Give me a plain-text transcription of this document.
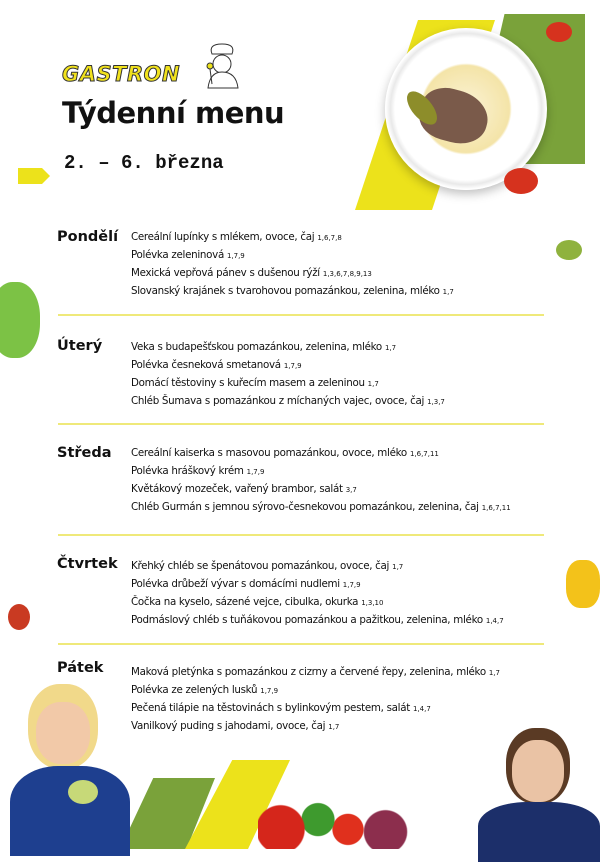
GASTRON
Týdenní menu
2. – 6. března
Pondělí Cereální lupínky s mlékem, ovoce, čaj 1,6,7,8
Polévka zeleninová 1,7,9
Mexická vepřová pánev s dušenou rýží 1,3,6,7,8,9,13
Slovanský krajánek s tvarohovou pomazánkou, zelenina, mléko 1,7
Úterý	Veka s budapešťskou pomazánkou, zelenina, mléko 1,7
Polévka česneková smetanová 1,7,9
Domácí těstoviny s kuřecím masem a zeleninou 1,7
Chléb Šumava s pomazánkou z míchaných vajec, ovoce, čaj 1,3,7
Středa Cereální kaiserka s masovou pomazánkou, ovoce, mléko 1,6,7,11
Polévka hráškový krém 1,7,9
Květákový mozeček, vařený brambor, salát 3,7
Chléb Gurmán s jemnou sýrovo-česnekovou pomazánkou, zelenina, čaj 1,6,7,11
Čtvrtek Křehký chléb se špenátovou pomazánkou, ovoce, čaj 1,7
Polévka drůbeží vývar s domácími nudlemi 1,7,9
Čočka na kyselo, sázené vejce, cibulka, okurka 1,3,10
Podmáslový chléb s tuňákovou pomazánkou a pažitkou, zelenina, mléko 1,4,7
Pátek	Maková pletýnka s pomazánkou z cizrny a červené řepy, zelenina, mléko 1,7
Polévka ze zelených lusků 1,7,9
Pečená tilápie na těstovinách s bylinkovým pestem, salát 1,4,7
Vanilkový puding s jahodami, ovoce, čaj 1,7
